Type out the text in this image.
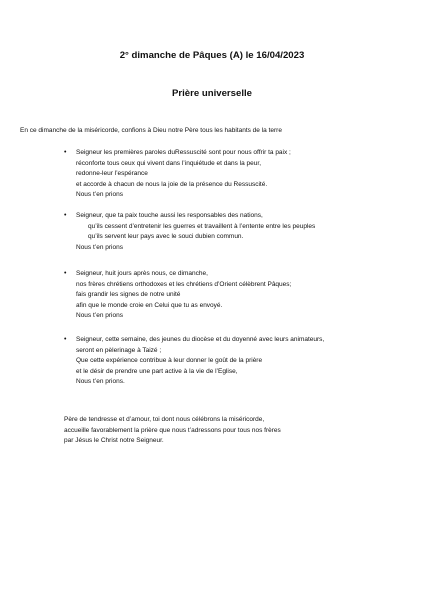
2° dimanche de Pâques (A) le 16/04/2023
Prière universelle
En ce dimanche de la miséricorde, confions à Dieu notre Père tous les habitants de la terre
• Seigneur les premières paroles duRessuscité sont pour nous offrir ta paix ;
réconforte tous ceux qui vivent dans l’inquiétude et dans la peur,
redonne-leur l’espérance
et accorde à chacun de nous la joie de la présence du Ressuscité.
Nous t’en prions
• Seigneur, que ta paix touche aussi les responsables des nations,
qu’ils cessent d’entretenir les guerres et travaillent à l’entente entre les peuples
qu’ils servent leur pays avec le souci dubien commun.
Nous t’en prions
• Seigneur, huit jours après nous, ce dimanche,
nos frères chrétiens orthodoxes et les chrétiens d’Orient célèbrent Pâques;
fais grandir les signes de notre unité
afin que le monde croie en Celui que tu as envoyé.
Nous t’en prions
• Seigneur, cette semaine, des jeunes du diocèse et du doyenné avec leurs animateurs,
seront en pèlerinage à Taizé ;
Que cette expérience contribue à leur donner le goût de la prière
et le désir de prendre une part active à la vie de l’Eglise,
Nous t’en prions.
Père de tendresse et d’amour, toi dont nous célébrons la miséricorde,
accueille favorablement la prière que nous t’adressons pour tous nos frères
par Jésus le Christ notre Seigneur.
